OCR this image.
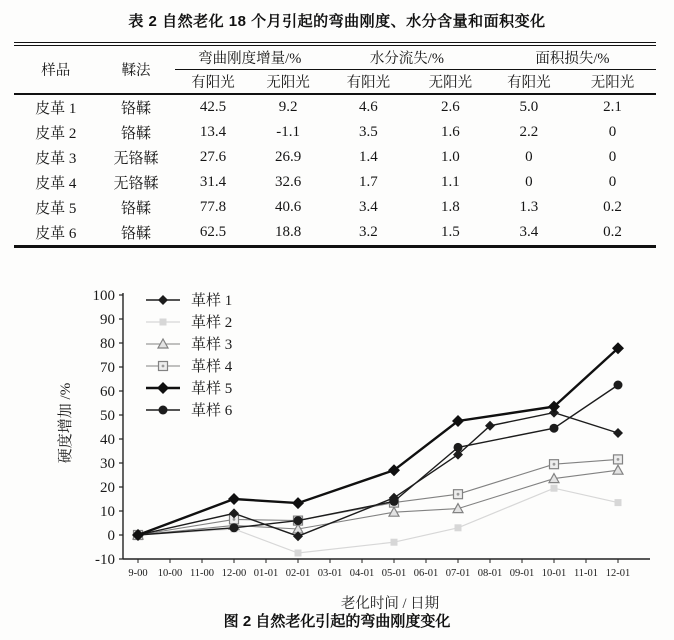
表 2 自然老化 18 个月引起的弯曲刚度、水分含量和面积变化
样品	鞣法	弯曲刚度增量/%		水分流失/%		面积损失/%	
		有阳光	无阳光	有阳光	无阳光	有阳光	无阳光
皮革 1	铬鞣	42.5	9.2	4.6	2.6	5.0	2.1
皮革 2	铬鞣	13.4	-1.1	3.5	1.6	2.2	0
皮革 3	无铬鞣	27.6	26.9	1.4	1.0	0	0
皮革 4	无铬鞣	31.4	32.6	1.7	1.1	0	0
皮革 5	铬鞣	77.8	40.6	3.4	1.8	1.3	0.2
皮革 6	铬鞣	62.5	18.8	3.2	1.5	3.4	0.2
-10
0
10
20
30
40
50
60
70
80
90
100
9-00 10-00 11-00 12-00 01-01 02-01 03-01 04-01 05-01 06-01 07-01 08-01 09-01 10-01 11-01 12-01
硬度增加 /%
革样 1
革样 2
革样 3
革样 4
革样 5
革样 6
老化时间 / 日期
图 2 自然老化引起的弯曲刚度变化
